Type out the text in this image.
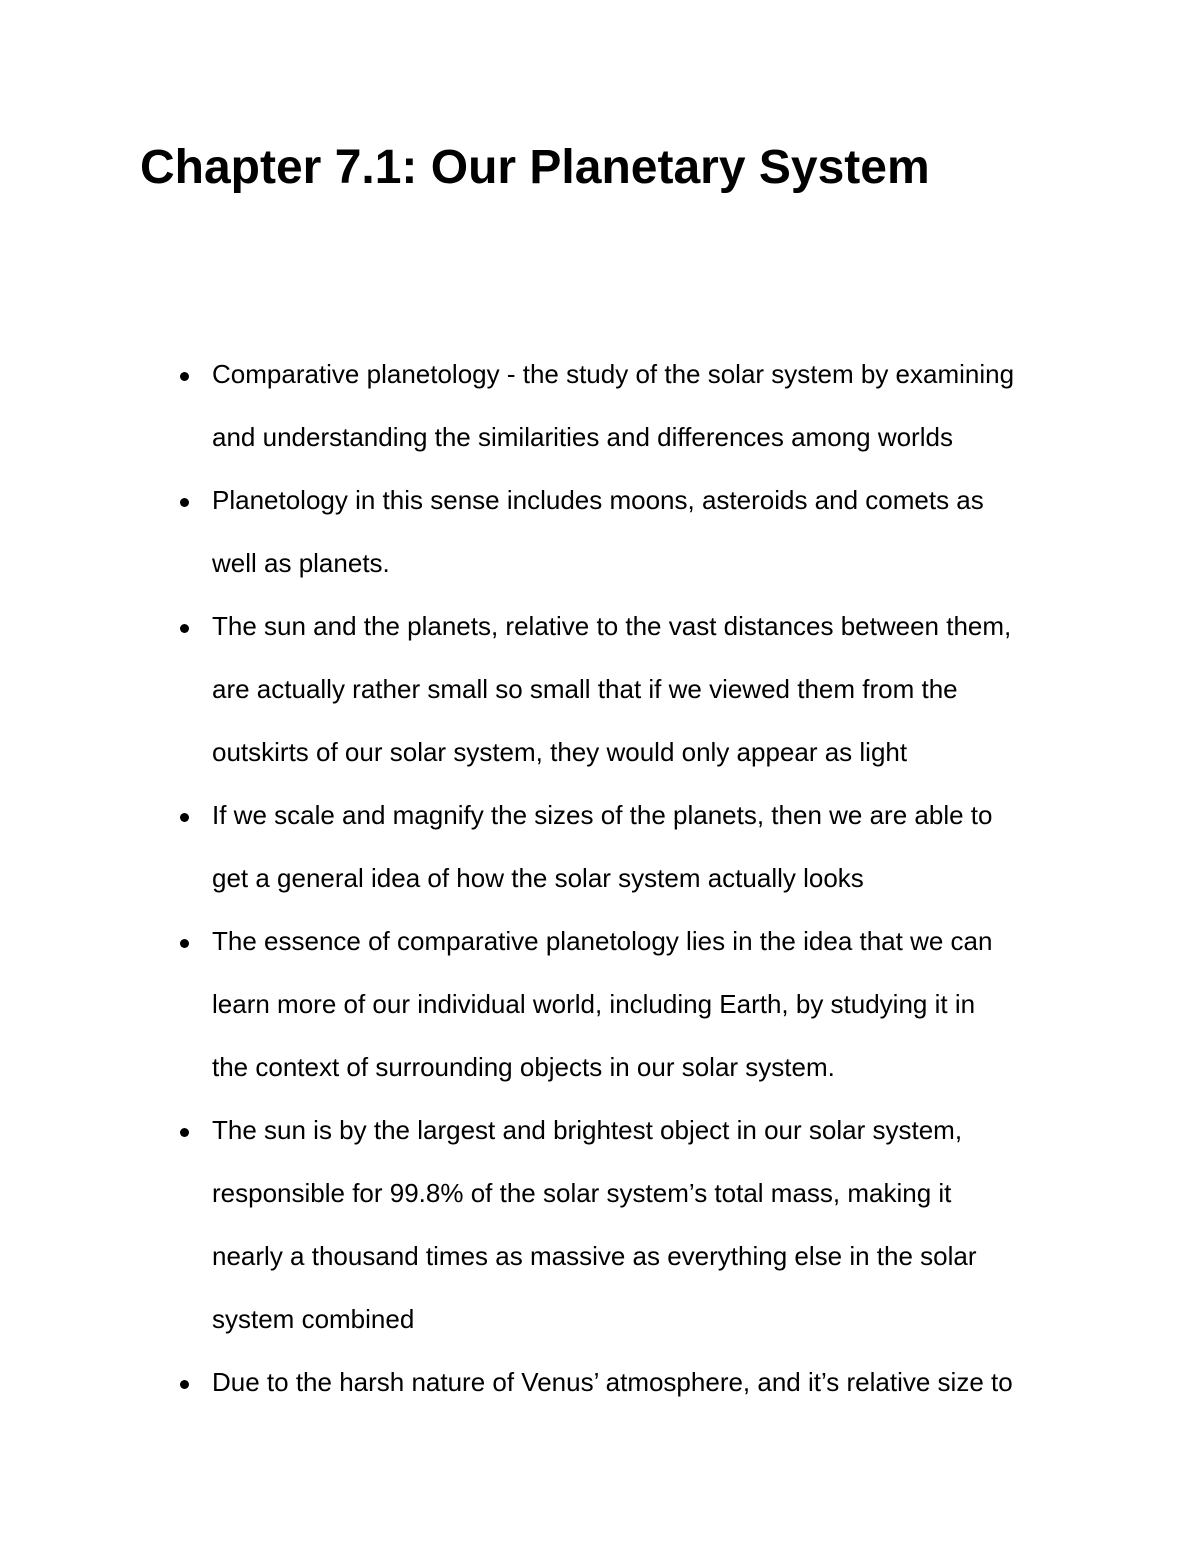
Chapter 7.1: Our Planetary System
Comparative planetology - the study of the solar system by examining
and understanding the similarities and differences among worlds
Planetology in this sense includes moons, asteroids and comets as
well as planets.
The sun and the planets, relative to the vast distances between them,
are actually rather small so small that if we viewed them from the
outskirts of our solar system, they would only appear as light
If we scale and magnify the sizes of the planets, then we are able to
get a general idea of how the solar system actually looks
The essence of comparative planetology lies in the idea that we can
learn more of our individual world, including Earth, by studying it in
the context of surrounding objects in our solar system.
The sun is by the largest and brightest object in our solar system,
responsible for 99.8% of the solar system’s total mass, making it
nearly a thousand times as massive as everything else in the solar
system combined
Due to the harsh nature of Venus’ atmosphere, and it’s relative size to
